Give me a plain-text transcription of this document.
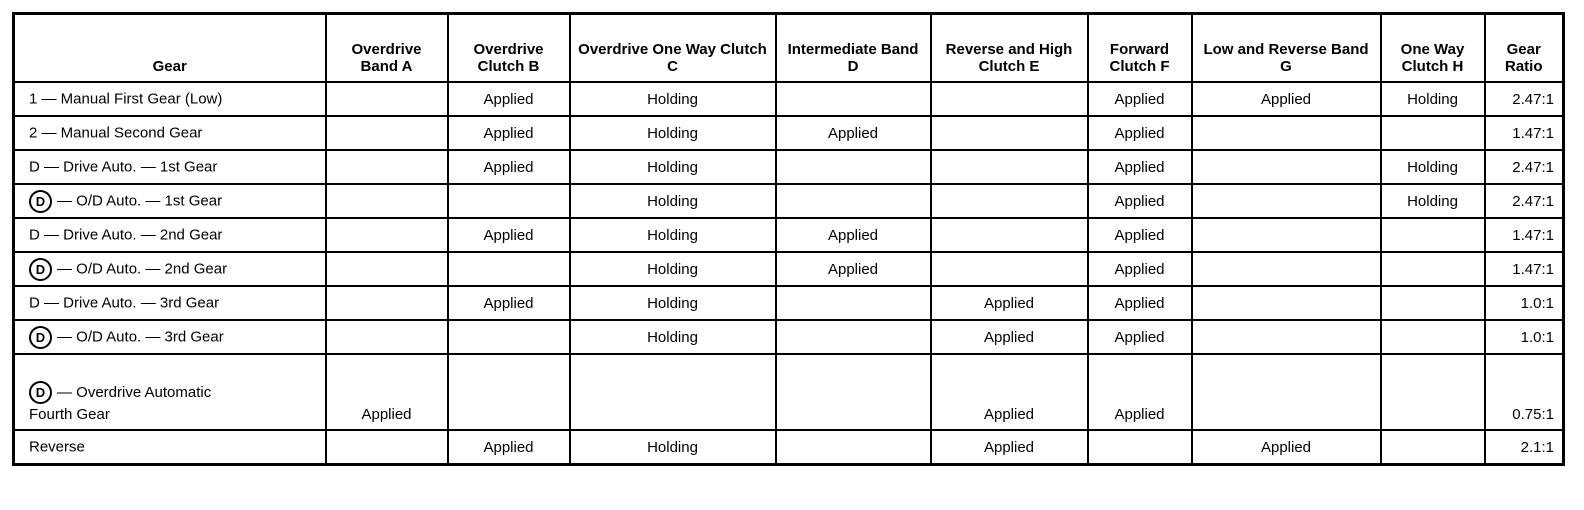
Gear	Overdrive Band A	Overdrive Clutch B	Overdrive One Way Clutch C	Intermediate Band D	Reverse and High Clutch E	Forward Clutch F	Low and Reverse Band G	One Way Clutch H	Gear Ratio
1 — Manual First Gear (Low)		Applied	Holding			Applied	Applied	Holding	2.47:1
2 — Manual Second Gear		Applied	Holding	Applied		Applied			1.47:1
D — Drive Auto. — 1st Gear		Applied	Holding			Applied		Holding	2.47:1
D — O/D Auto. — 1st Gear			Holding			Applied		Holding	2.47:1
D — Drive Auto. — 2nd Gear		Applied	Holding	Applied		Applied			1.47:1
D — O/D Auto. — 2nd Gear			Holding	Applied		Applied			1.47:1
D — Drive Auto. — 3rd Gear		Applied	Holding		Applied	Applied			1.0:1
D — O/D Auto. — 3rd Gear			Holding		Applied	Applied			1.0:1

D — Overdrive Automatic
Fourth Gear	Applied				Applied	Applied			0.75:1
Reverse		Applied	Holding		Applied		Applied		2.1:1
